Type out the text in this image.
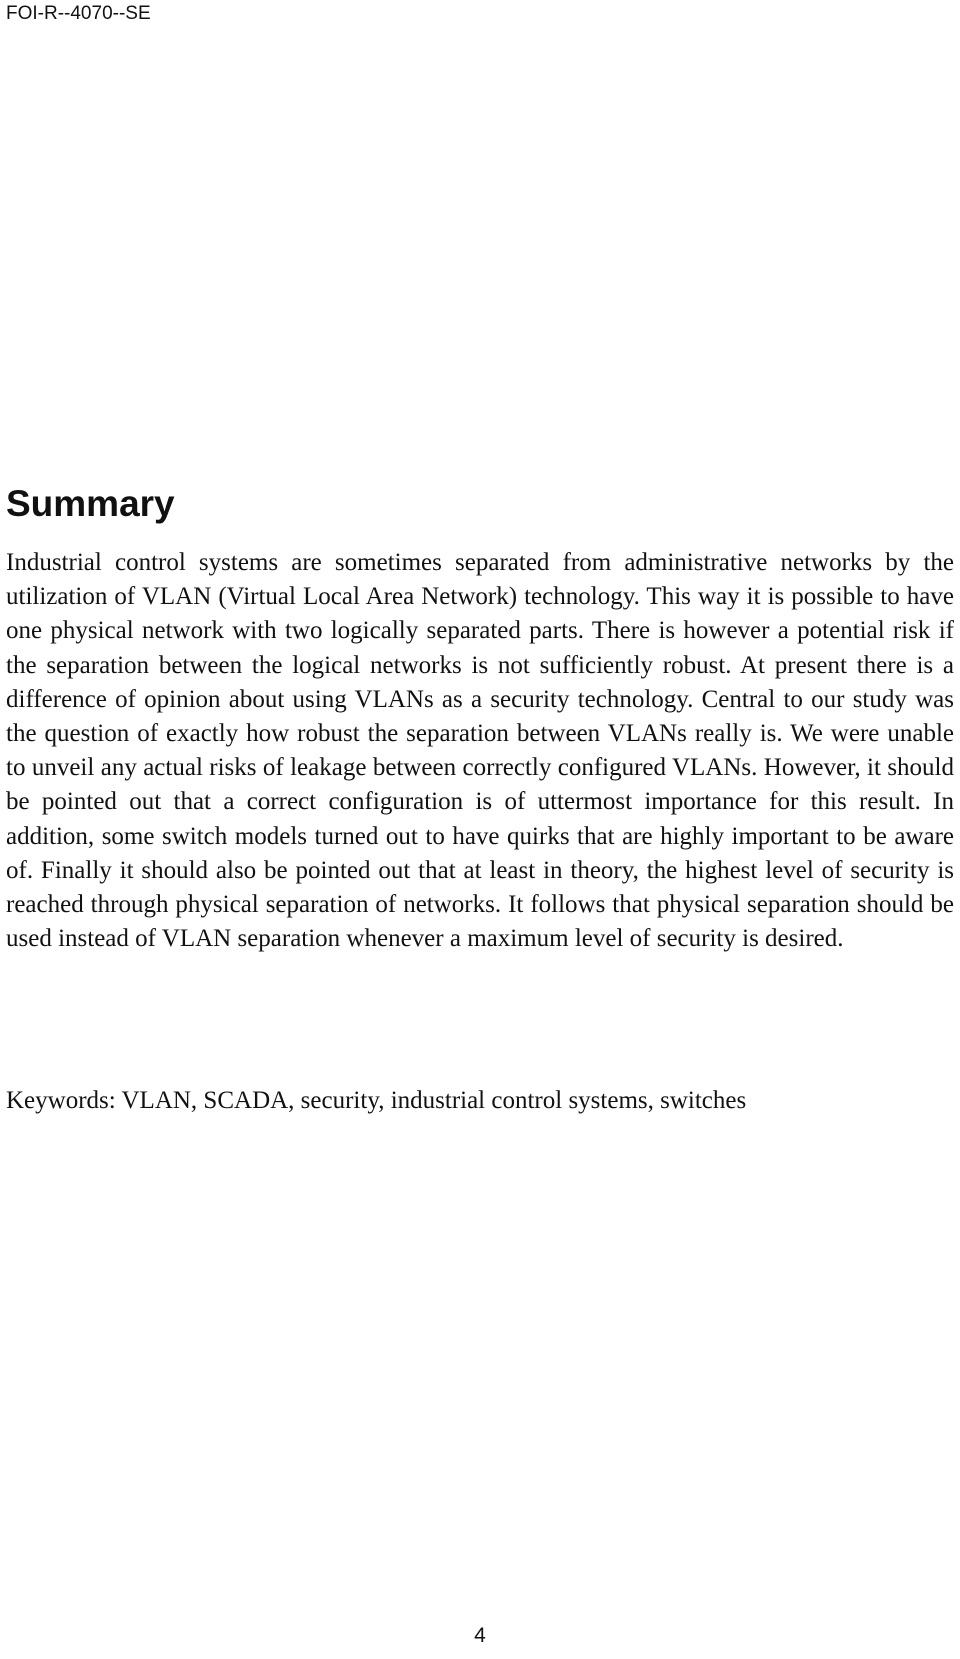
FOI-R--4070--SE
Summary

Industrial control systems are sometimes separated from administrative networks by the utilization of VLAN (Virtual Local Area Network) technology. This way it is possible to have one physical network with two logically separated parts. There is however a potential risk if the separation between the logical networks is not sufficiently robust. At present there is a difference of opinion about using VLANs as a security technology. Central to our study was the question of exactly how robust the separation between VLANs really is. We were unable to unveil any actual risks of leakage between correctly configured VLANs. However, it should be pointed out that a correct configuration is of uttermost importance for this result. In addition, some switch models turned out to have quirks that are highly important to be aware of. Finally it should also be pointed out that at least in theory, the highest level of security is reached through physical separation of networks. It follows that physical separation should be used instead of VLAN separation whenever a maximum level of security is desired.

Keywords: VLAN, SCADA, security, industrial control systems, switches

4
